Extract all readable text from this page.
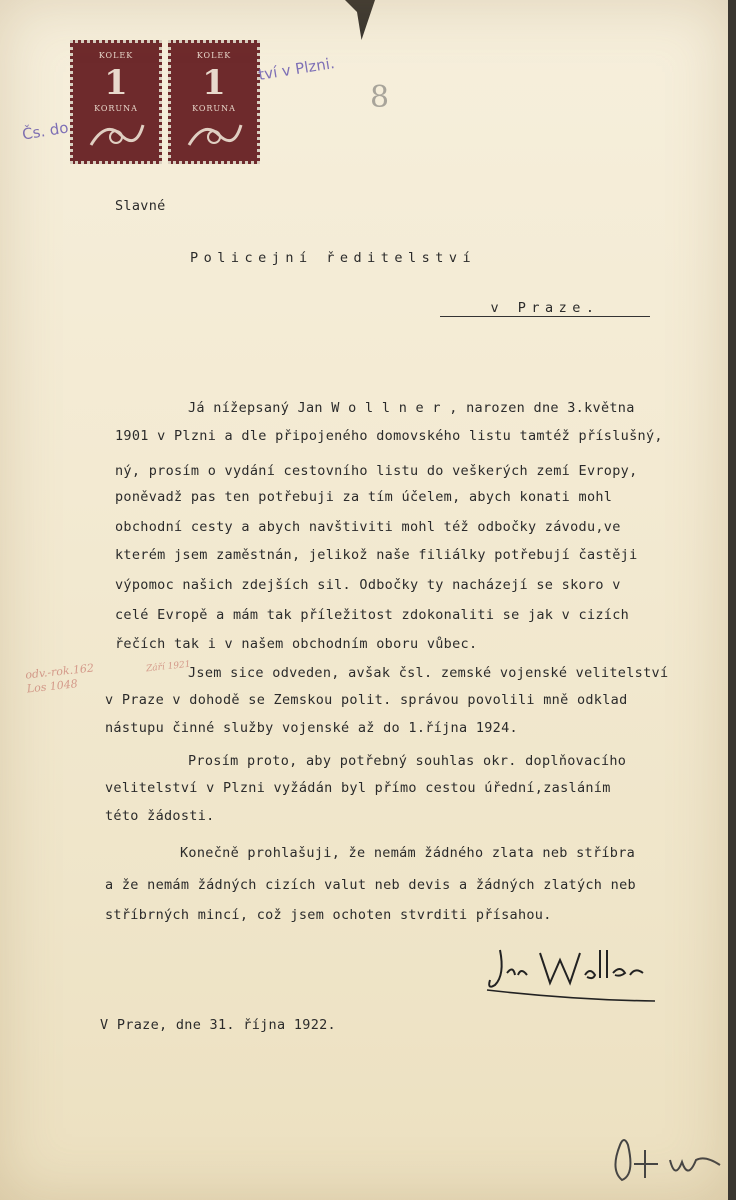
KOLEK
1
KORUNA
KOLEK
1
KORUNA
Čs. do
tví v Plzni.
8
Slavné
Policejní ředitelství
v Praze.
Já nížepsaný Jan W o l l n e r , narozen dne 3.května
1901 v Plzni a dle připojeného domovského listu tamtéž příslušný,
ný, prosím o vydání cestovního listu do veškerých zemí Evropy,
poněvadž pas ten potřebuji za tím účelem, abych konati mohl
obchodní cesty a abych navštiviti mohl též odbočky závodu,ve
kterém jsem zaměstnán, jelikož naše filiálky potřebují častěji
výpomoc našich zdejších sil. Odbočky ty nacházejí se skoro v
celé Evropě a mám tak příležitost zdokonaliti se jak v cizích
řečích tak i v našem obchodním oboru vůbec.
Jsem sice odveden, avšak čsl. zemské vojenské velitelství
v Praze v dohodě se Zemskou polit. správou povolili mně odklad
nástupu činné služby vojenské až do 1.října 1924.
Prosím proto, aby potřebný souhlas okr. doplňovacího
velitelství v Plzni vyžádán byl přímo cestou úřední,zasláním
této žádosti.
Konečně prohlašuji, že nemám žádného zlata neb stříbra
a že nemám žádných cizích valut neb devis a žádných zlatých neb
stříbrných mincí, což jsem ochoten stvrditi přísahou.
odv.-rok.162
Los 1048
Září 1921
V Praze, dne 31. října 1922.
